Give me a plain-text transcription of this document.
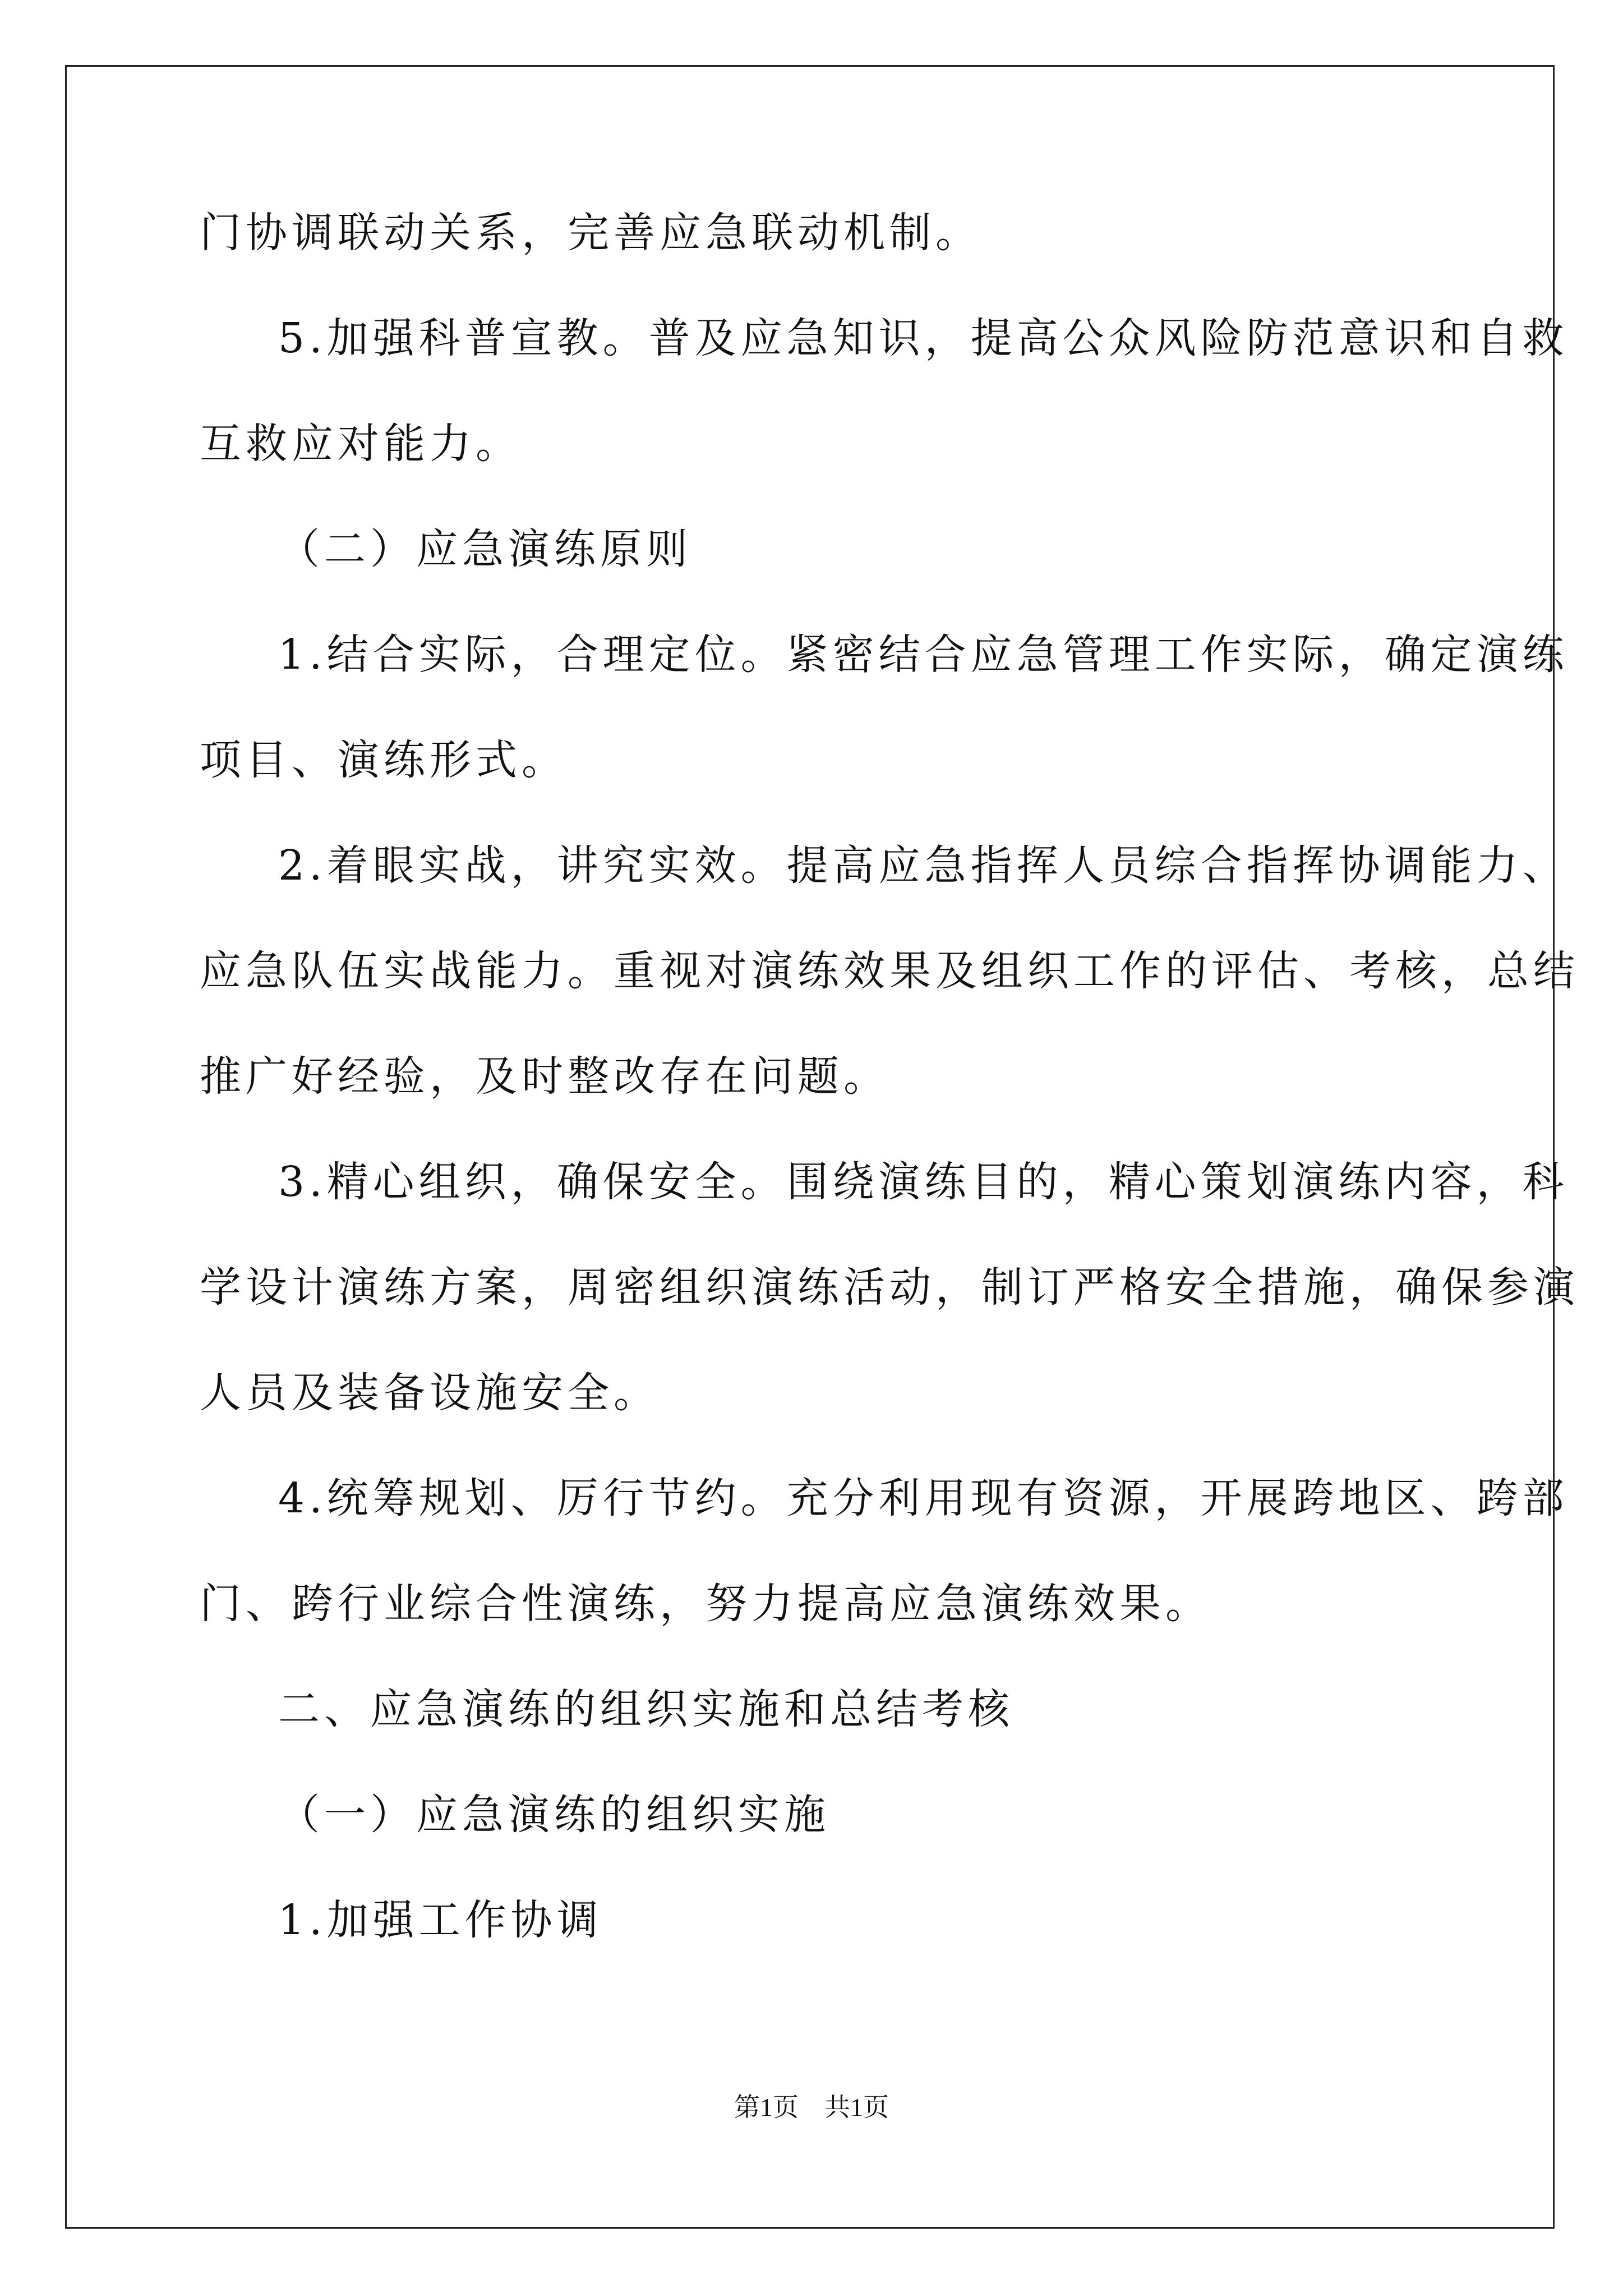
门协调联动关系，完善应急联动机制。
5.加强科普宣教。普及应急知识，提高公众风险防范意识和自救
互救应对能力。
（二）应急演练原则
1.结合实际，合理定位。紧密结合应急管理工作实际，确定演练
项目、演练形式。
2.着眼实战，讲究实效。提高应急指挥人员综合指挥协调能力、
应急队伍实战能力。重视对演练效果及组织工作的评估、考核，总结
推广好经验，及时整改存在问题。
3.精心组织，确保安全。围绕演练目的，精心策划演练内容，科
学设计演练方案，周密组织演练活动，制订严格安全措施，确保参演
人员及装备设施安全。
4.统筹规划、厉行节约。充分利用现有资源，开展跨地区、跨部
门、跨行业综合性演练，努力提高应急演练效果。
二、应急演练的组织实施和总结考核
（一）应急演练的组织实施
1.加强工作协调
第1页　共1页
